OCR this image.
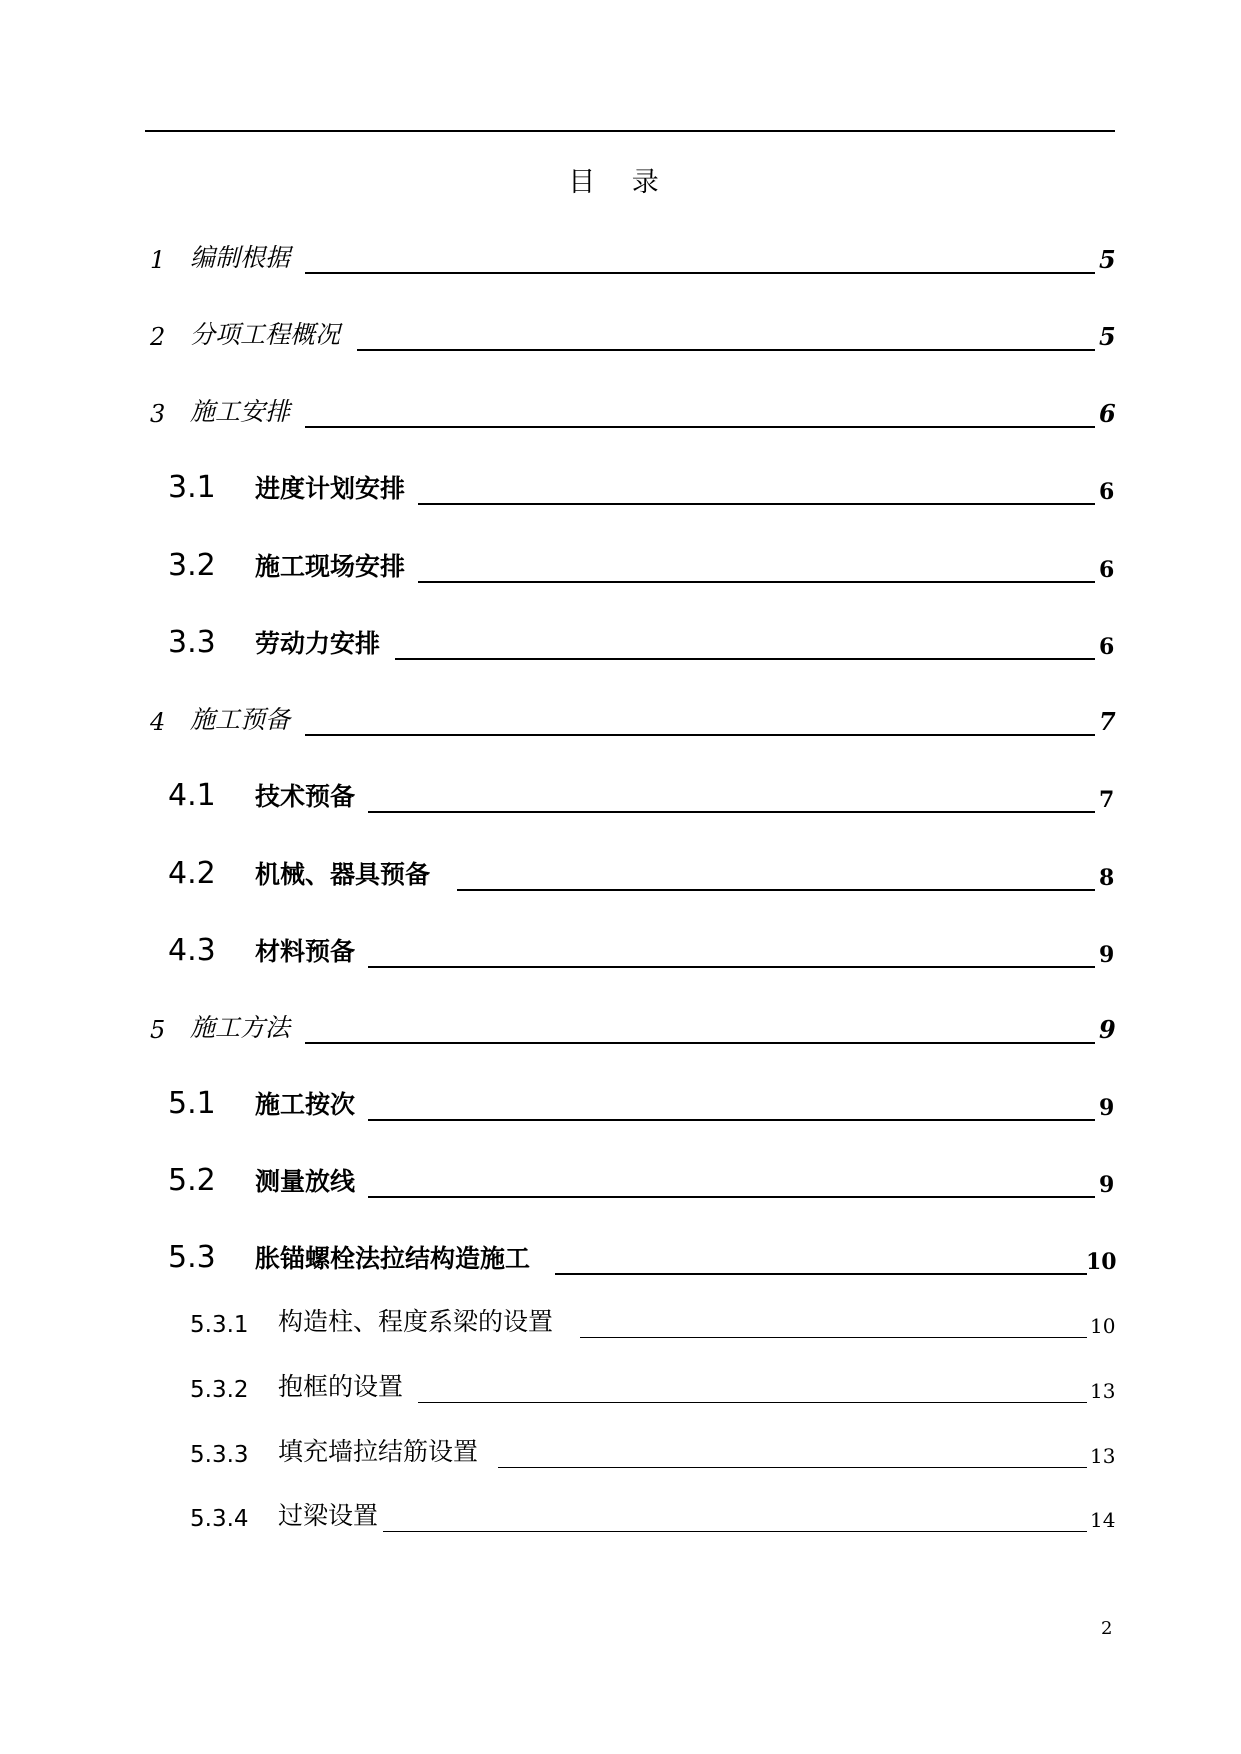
目 录
1 编制根据	5
2 分项工程概况	5
3 施工安排	6
3.1 进度计划安排	6
3.2 施工现场安排	6
3.3 劳动力安排	6
4 施工预备	7
4.1 技术预备	7
4.2 机械、器具预备	8
4.3 材料预备	9
5 施工方法	9
5.1 施工按次	9
5.2 测量放线	9
5.3 胀锚螺栓法拉结构造施工	10
5.3.1 构造柱、程度系梁的设置	10
5.3.2 抱框的设置	13
5.3.3 填充墙拉结筋设置	13
5.3.4 过梁设置	14
2
